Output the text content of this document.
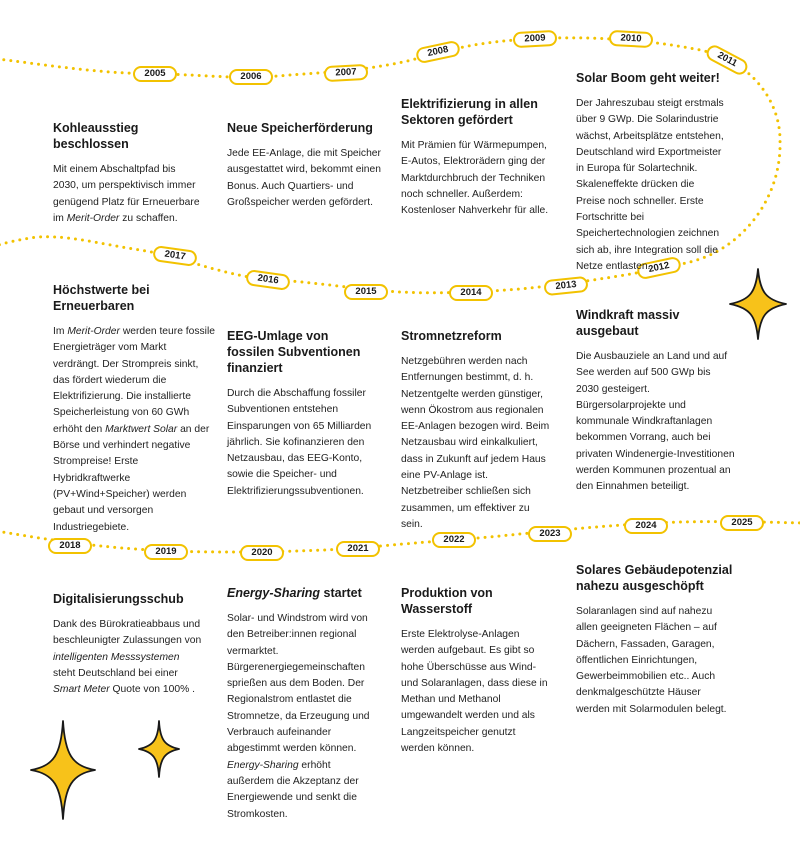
2005	2006	2007
2008
2009	2010
2011
2012
2013
2014
2015
2016
2017
2018
2019	2020	2021
2022
2023
2024	2025
Kohleausstieg beschlossen

Mit einem Abschaltpfad bis 2030, um perspektivisch immer genügend Platz für Erneuerbare im Merit-Order zu schaffen.

Neue Speicherförderung

Jede EE-Anlage, die mit Speicher ausgestattet wird, bekommt einen Bonus. Auch Quartiers- und Großspeicher werden gefördert.

Elektrifizierung in allen Sektoren gefördert

Mit Prämien für Wärmepumpen, E-Autos, Elektrorädern ging der Marktdurchbruch der Techniken noch schneller. Außerdem: Kostenloser Nahverkehr für alle.

Solar Boom geht weiter!

Der Jahreszubau steigt erstmals über 9 GWp. Die Solarindustrie wächst, Arbeitsplätze entstehen, Deutschland wird Exportmeister in Europa für Solartechnik. Skaleneffekte drücken die Preise noch schneller. Erste Fortschritte bei Speichertechnologien zeichnen sich ab, ihre Integration soll die Netze entlasten.

Höchstwerte bei Erneuerbaren

Im Merit-Order werden teure fossile Energieträger vom Markt verdrängt. Der Strompreis sinkt, das fördert wiederum die Elektrifizierung. Die installierte Speicherleistung von 60 GWh erhöht den Marktwert Solar an der Börse und verhindert negative Strompreise! Erste Hybridkraftwerke (PV+Wind+Speicher) werden gebaut und versorgen Industriegebiete.

EEG-Umlage von fossilen Subventionen finanziert

Durch die Abschaffung fossiler Subventionen entstehen Einsparungen von 65 Milliarden jährlich. Sie kofinanzieren den Netzausbau, das EEG-Konto, sowie die Speicher- und Elektrifizierungssubventionen.

Stromnetzreform

Netzgebühren werden nach Entfernungen bestimmt, d. h. Netzentgelte werden günstiger, wenn Ökostrom aus regionalen EE-Anlagen bezogen wird. Beim Netzausbau wird einkalkuliert, dass in Zukunft auf jedem Haus eine PV-Anlage ist. Netzbetreiber schließen sich zusammen, um effektiver zu sein.

Windkraft massiv ausgebaut

Die Ausbauziele an Land und auf See werden auf 500 GWp bis 2030 gesteigert. Bürgersolarprojekte und kommunale Windkraftanlagen bekommen Vorrang, auch bei privaten Windenergie-Investitionen werden Kommunen prozentual an den Einnahmen beteiligt.

Digitalisierungsschub

Dank des Bürokratieabbaus und beschleunigter Zulassungen von intelligenten Messsystemen steht Deutschland bei einer Smart Meter Quote von 100% .

Energy-Sharing startet

Solar- und Windstrom wird von den Betreiber:innen regional vermarktet. Bürgerenergiegemeinschaften sprießen aus dem Boden. Der Regionalstrom entlastet die Stromnetze, da Erzeugung und Verbrauch aufeinander abgestimmt werden können. Energy-Sharing erhöht außerdem die Akzeptanz der Energiewende und senkt die Stromkosten.

Produktion von Wasserstoff

Erste Elektrolyse-Anlagen werden aufgebaut. Es gibt so hohe Überschüsse aus Wind- und Solaranlagen, dass diese in Methan und Methanol umgewandelt werden und als Langzeitspeicher genutzt werden können.

Solares Gebäudepotenzial nahezu ausgeschöpft

Solaranlagen sind auf nahezu allen geeigneten Flächen – auf Dächern, Fassaden, Garagen, öffentlichen Einrichtungen, Gewerbeimmobilien etc.. Auch denkmalgeschützte Häuser werden mit Solarmodulen belegt.
